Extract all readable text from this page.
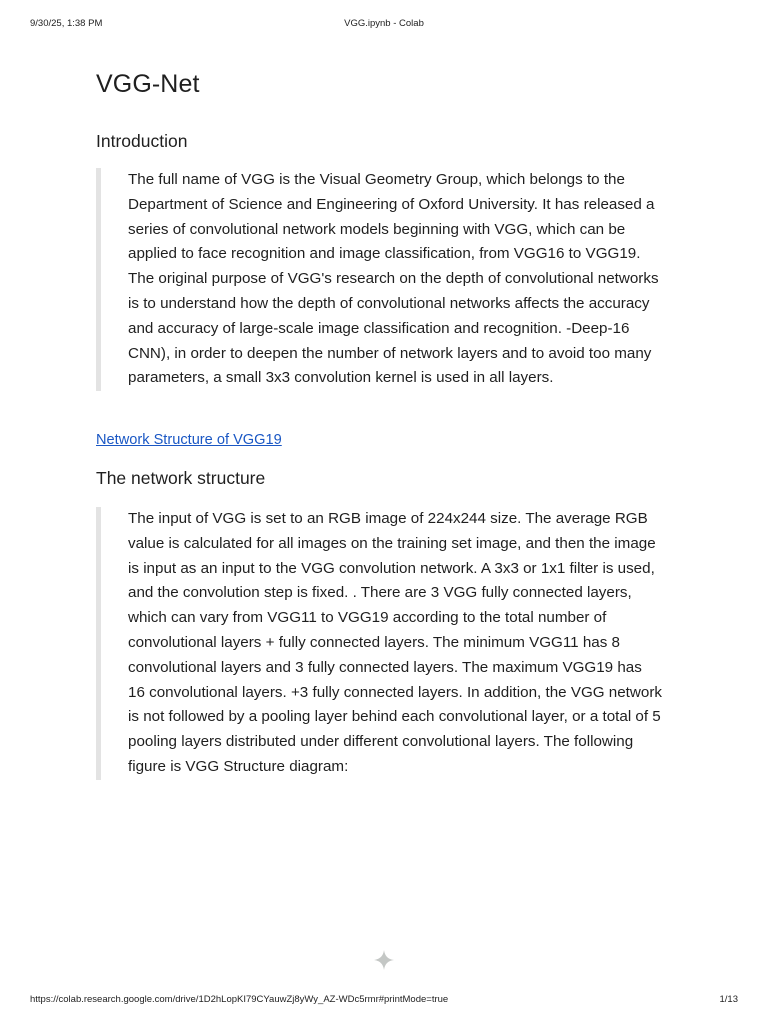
9/30/25, 1:38 PM	VGG.ipynb - Colab
VGG-Net
Introduction

The full name of VGG is the Visual Geometry Group, which belongs to the Department of Science and Engineering of Oxford University. It has released a series of convolutional network models beginning with VGG, which can be applied to face recognition and image classification, from VGG16 to VGG19. The original purpose of VGG's research on the depth of convolutional networks is to understand how the depth of convolutional networks affects the accuracy and accuracy of large-scale image classification and recognition. -Deep-16 CNN), in order to deepen the number of network layers and to avoid too many parameters, a small 3x3 convolution kernel is used in all layers.

Network Structure of VGG19
The network structure

The input of VGG is set to an RGB image of 224x244 size. The average RGB value is calculated for all images on the training set image, and then the image is input as an input to the VGG convolution network. A 3x3 or 1x1 filter is used, and the convolution step is fixed. . There are 3 VGG fully connected layers, which can vary from VGG11 to VGG19 according to the total number of convolutional layers + fully connected layers. The minimum VGG11 has 8 convolutional layers and 3 fully connected layers. The maximum VGG19 has 16 convolutional layers. +3 fully connected layers. In addition, the VGG network is not followed by a pooling layer behind each convolutional layer, or a total of 5 pooling layers distributed under different convolutional layers. The following figure is VGG Structure diagram:

https://colab.research.google.com/drive/1D2hLopKI79CYauwZj8yWy_AZ-WDc5rmr#printMode=true	1/13
